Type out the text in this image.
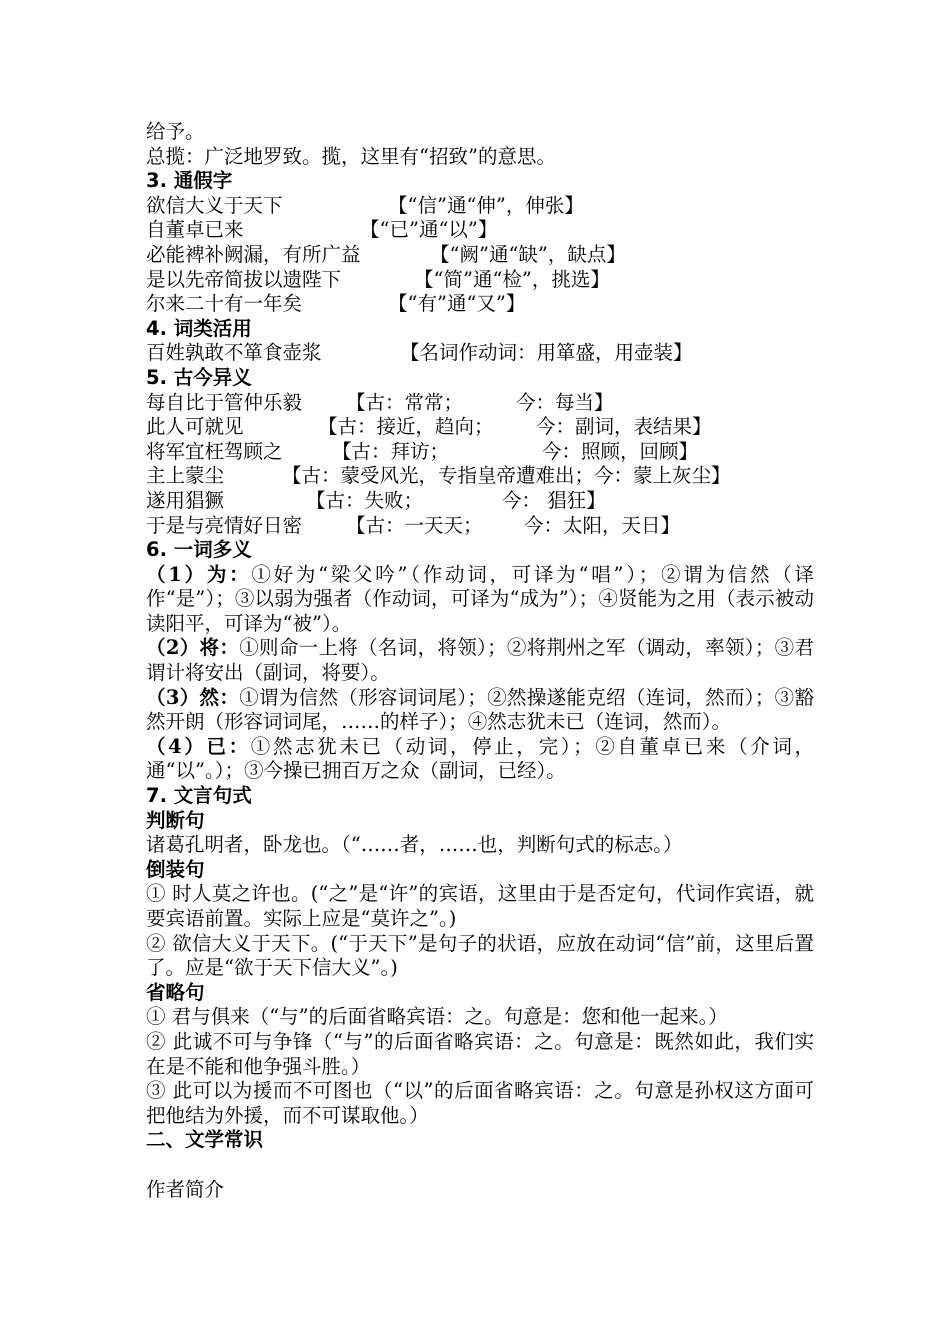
给予。
总揽：广泛地罗致。揽，这里有“招致”的意思。
3. 通假字
欲信大义于天下	【“信”通“伸”，伸张】
自董卓已来	【“已”通“以”】
必能裨补阙漏，有所广益	【“阙”通“缺”，缺点】
是以先帝简拔以遗陛下	【“简”通“检”，挑选】
尔来二十有一年矣	【“有”通“又”】
4. 词类活用
百姓孰敢不箪食壶浆	【名词作动词：用箪盛，用壶装】
5. 古今异义
每自比于管仲乐毅	【古：常常；	今：每当】
此人可就见	【古：接近，趋向；	今：副词，表结果】
将军宜枉驾顾之	【古：拜访；	今：照顾，回顾】
主上蒙尘	【古：蒙受风光，专指皇帝遭难出；今：蒙上灰尘】
遂用猖獗	【古：失败；	今： 猖狂】
于是与亮情好日密	【古：一天天；	今：太阳，天日】
6. 一词多义
（1）为：①好为“梁父吟”（作动词，可译为“唱”）；②谓为信然（译作“是”）；③以弱为强者（作动词，可译为“成为”）；④贤能为之用（表示被动读阳平，可译为“被”）。
（2）将：①则命一上将（名词，将领）；②将荆州之军（调动，率领）；③君谓计将安出（副词，将要）。
（3）然：①谓为信然（形容词词尾）；②然操遂能克绍（连词，然而）；③豁然开朗（形容词词尾，……的样子）；④然志犹未已（连词，然而）。
（4）已：①然志犹未已（动词，停止，完）；②自董卓已来（介词，通“以”。）；③今操已拥百万之众（副词，已经）。
7. 文言句式
判断句
诸葛孔明者，卧龙也。（“……者，……也，判断句式的标志。）
倒装句
① 时人莫之许也。(“之”是“许”的宾语，这里由于是否定句，代词作宾语，就要宾语前置。实际上应是“莫许之”。)
② 欲信大义于天下。(“于天下”是句子的状语，应放在动词“信”前，这里后置了。应是“欲于天下信大义”。)
省略句
① 君与俱来（“与”的后面省略宾语：之。句意是：您和他一起来。）
② 此诚不可与争锋（“与”的后面省略宾语：之。句意是：既然如此，我们实在是不能和他争强斗胜。）
③ 此可以为援而不可图也（“以”的后面省略宾语：之。句意是孙权这方面可把他结为外援，而不可谋取他。）
二、文学常识
作者简介
